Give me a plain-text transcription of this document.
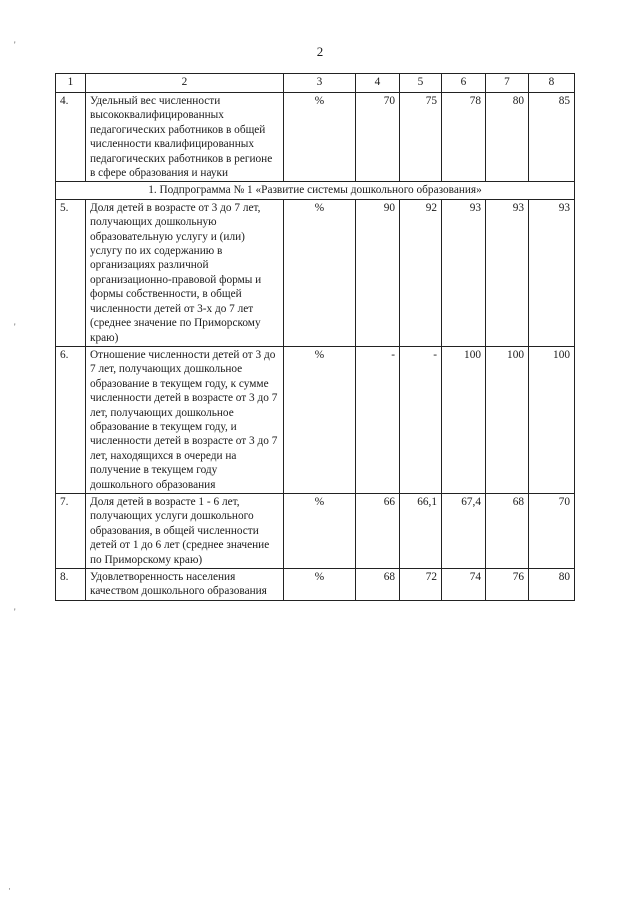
2
'
'
'
·
1	2	3	4	5	6	7	8
4.	Удельный вес численности высококвалифицированных педагогических работников в общей численности квалифицированных педагогических работников в регионе в сфере образования и науки	%	70	75	78	80	85
1. Подпрограмма № 1 «Развитие системы дошкольного образования»							
5.	Доля детей в возрасте от 3 до 7 лет, получающих дошкольную образовательную услугу и (или) услугу по их содержанию в организациях различной организационно-правовой формы и формы собственности, в общей численности детей от 3-х до 7 лет (среднее значение по Приморскому краю)	%	90	92	93	93	93
6.	Отношение численности детей от 3 до 7 лет, получающих дошкольное образование в текущем году, к сумме численности детей в возрасте от 3 до 7 лет, получающих дошкольное образование в текущем году, и численности детей в возрасте от 3 до 7 лет, находящихся в очереди на получение в текущем году дошкольного образования	%	-	-	100	100	100
7.	Доля детей в возрасте 1 - 6 лет, получающих услуги дошкольного образования, в общей численности детей от 1 до 6 лет (среднее значение по Приморскому краю)	%	66	66,1	67,4	68	70
8.	Удовлетворенность населения качеством дошкольного образования	%	68	72	74	76	80
